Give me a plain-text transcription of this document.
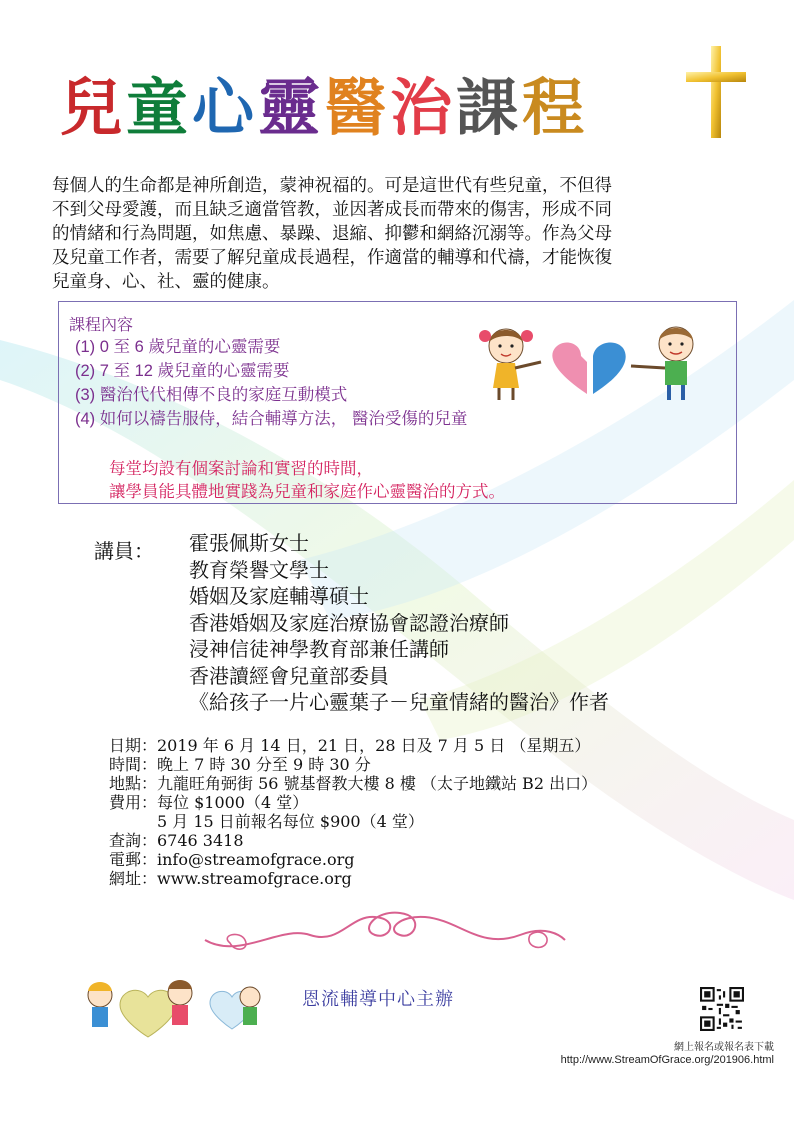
兒童心靈醫治課程

每個人的生命都是神所創造，蒙神祝福的。可是這世代有些兒童，不但得

不到父母愛護，而且缺乏適當管教，並因著成長而帶來的傷害，形成不同

的情緒和行為問題，如焦慮、暴躁、退縮、抑鬱和網絡沉溺等。作為父母

及兒童工作者，需要了解兒童成長過程，作適當的輔導和代禱，才能恢復

兒童身、心、社、靈的健康。

課程內容
(1) 0 至 6 歲兒童的心靈需要
(2) 7 至 12 歲兒童的心靈需要
(3) 醫治代代相傳不良的家庭互動模式
(4) 如何以禱告服侍，結合輔導方法， 醫治受傷的兒童
每堂均設有個案討論和實習的時間，
讓學員能具體地實踐為兒童和家庭作心靈醫治的方式。
講員： 霍張佩斯女士
教育榮譽文學士
婚姻及家庭輔導碩士
香港婚姻及家庭治療協會認證治療師
浸神信徒神學教育部兼任講師
香港讀經會兒童部委員
《給孩子一片心靈葉子－兒童情緒的醫治》作者
日期：2019 年 6 月 14 日，21 日，28 日及 7 月 5 日 （星期五）
時間：晚上 7 時 30 分至 9 時 30 分
地點：九龍旺角弼街 56 號基督教大樓 8 樓 （太子地鐵站 B2 出口）
費用：每位 $1000（4 堂）
　　　5 月 15 日前報名每位 $900（4 堂）
查詢：6746 3418
電郵：info@streamofgrace.org
網址：www.streamofgrace.org
恩流輔導中心主辦
網上報名或報名表下載
http://www.StreamOfGrace.org/201906.html
